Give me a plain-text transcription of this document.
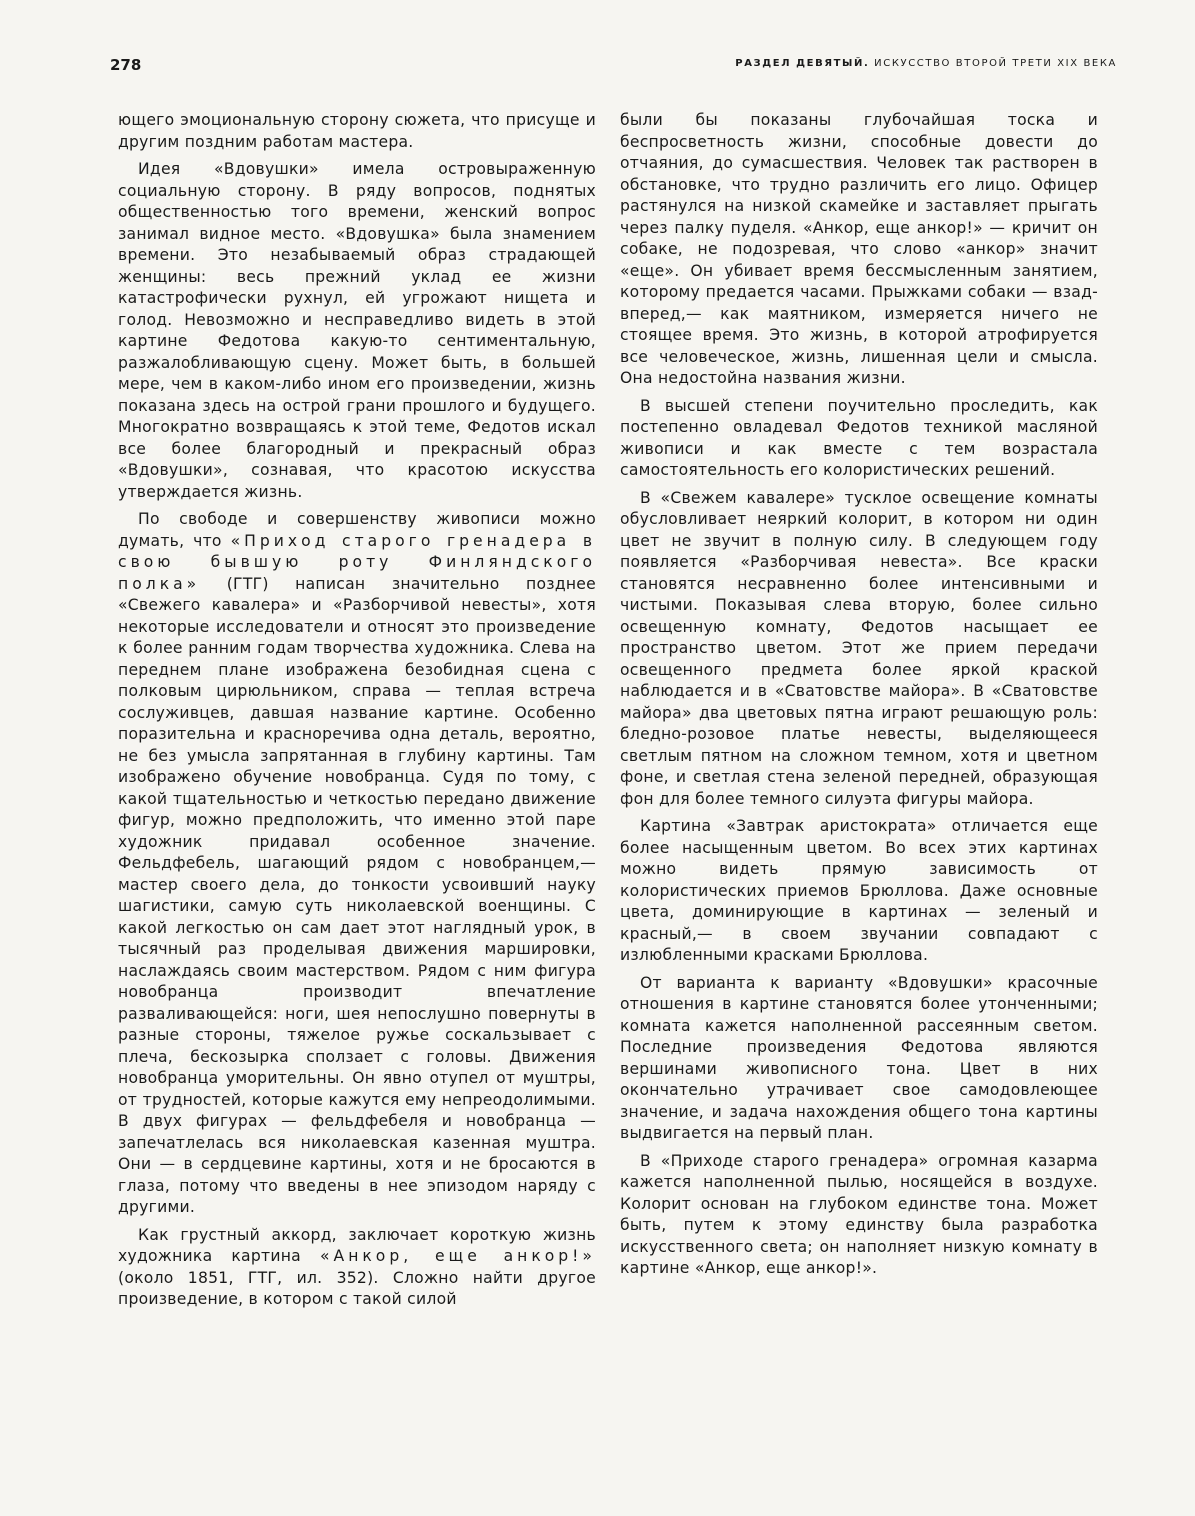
278	РАЗДЕЛ ДЕВЯТЫЙ. ИСКУССТВО ВТОРОЙ ТРЕТИ XIX ВЕКА

ющего эмоциональную сторону сюжета, что присуще и другим поздним работам мастера.

Идея «Вдовушки» имела островыраженную социальную сторону. В ряду вопросов, поднятых общественностью того времени, женский вопрос занимал видное место. «Вдовушка» была знамением времени. Это незабываемый образ страдающей женщины: весь прежний уклад ее жизни катастрофически рухнул, ей угрожают нищета и голод. Невозможно и несправедливо видеть в этой картине Федотова какую-то сентиментальную, разжалобливающую сцену. Может быть, в большей мере, чем в каком-либо ином его произведении, жизнь показана здесь на острой грани прошлого и будущего. Многократно возвращаясь к этой теме, Федотов искал все более благородный и прекрасный образ «Вдовушки», сознавая, что красотою искусства утверждается жизнь.

По свободе и совершенству живописи можно думать, что «Приход старого гренадера в свою бывшую роту Финляндского полка» (ГТГ) написан значительно позднее «Свежего кавалера» и «Разборчивой невесты», хотя некоторые исследователи и относят это произведение к более ранним годам творчества художника. Слева на переднем плане изображена безобидная сцена с полковым цирюльником, справа — теплая встреча сослуживцев, давшая название картине. Особенно поразительна и красноречива одна деталь, вероятно, не без умысла запрятанная в глубину картины. Там изображено обучение новобранца. Судя по тому, с какой тщательностью и четкостью передано движение фигур, можно предположить, что именно этой паре художник придавал особенное значение. Фельдфебель, шагающий рядом с новобранцем,— мастер своего дела, до тонкости усвоивший науку шагистики, самую суть николаевской военщины. С какой легкостью он сам дает этот наглядный урок, в тысячный раз проделывая движения маршировки, наслаждаясь своим мастерством. Рядом с ним фигура новобранца производит впечатление разваливающейся: ноги, шея непослушно повернуты в разные стороны, тяжелое ружье соскальзывает с плеча, бескозырка сползает с головы. Движения новобранца уморительны. Он явно отупел от муштры, от трудностей, которые кажутся ему непреодолимыми. В двух фигурах — фельдфебеля и новобранца — запечатлелась вся николаевская казенная муштра. Они — в сердцевине картины, хотя и не бросаются в глаза, потому что введены в нее эпизодом наряду с другими.

Как грустный аккорд, заключает короткую жизнь художника картина «Анкор, еще анкор!» (около 1851, ГТГ, ил. 352). Сложно найти другое произведение, в котором с такой силой

были бы показаны глубочайшая тоска и беспросветность жизни, способные довести до отчаяния, до сумасшествия. Человек так растворен в обстановке, что трудно различить его лицо. Офицер растянулся на низкой скамейке и заставляет прыгать через палку пуделя. «Анкор, еще анкор!» — кричит он собаке, не подозревая, что слово «анкор» значит «еще». Он убивает время бессмысленным занятием, которому предается часами. Прыжками собаки — взад-вперед,— как маятником, измеряется ничего не стоящее время. Это жизнь, в которой атрофируется все человеческое, жизнь, лишенная цели и смысла. Она недостойна названия жизни.

В высшей степени поучительно проследить, как постепенно овладевал Федотов техникой масляной живописи и как вместе с тем возрастала самостоятельность его колористических решений.

В «Свежем кавалере» тусклое освещение комнаты обусловливает неяркий колорит, в котором ни один цвет не звучит в полную силу. В следующем году появляется «Разборчивая невеста». Все краски становятся несравненно более интенсивными и чистыми. Показывая слева вторую, более сильно освещенную комнату, Федотов насыщает ее пространство цветом. Этот же прием передачи освещенного предмета более яркой краской наблюдается и в «Сватовстве майора». В «Сватовстве майора» два цветовых пятна играют решающую роль: бледно-розовое платье невесты, выделяющееся светлым пятном на сложном темном, хотя и цветном фоне, и светлая стена зеленой передней, образующая фон для более темного силуэта фигуры майора.

Картина «Завтрак аристократа» отличается еще более насыщенным цветом. Во всех этих картинах можно видеть прямую зависимость от колористических приемов Брюллова. Даже основные цвета, доминирующие в картинах — зеленый и красный,— в своем звучании совпадают с излюбленными красками Брюллова.

От варианта к варианту «Вдовушки» красочные отношения в картине становятся более утонченными; комната кажется наполненной рассеянным светом. Последние произведения Федотова являются вершинами живописного тона. Цвет в них окончательно утрачивает свое самодовлеющее значение, и задача нахождения общего тона картины выдвигается на первый план.

В «Приходе старого гренадера» огромная казарма кажется наполненной пылью, носящейся в воздухе. Колорит основан на глубоком единстве тона. Может быть, путем к этому единству была разработка искусственного света; он наполняет низкую комнату в картине «Анкор, еще анкор!».
